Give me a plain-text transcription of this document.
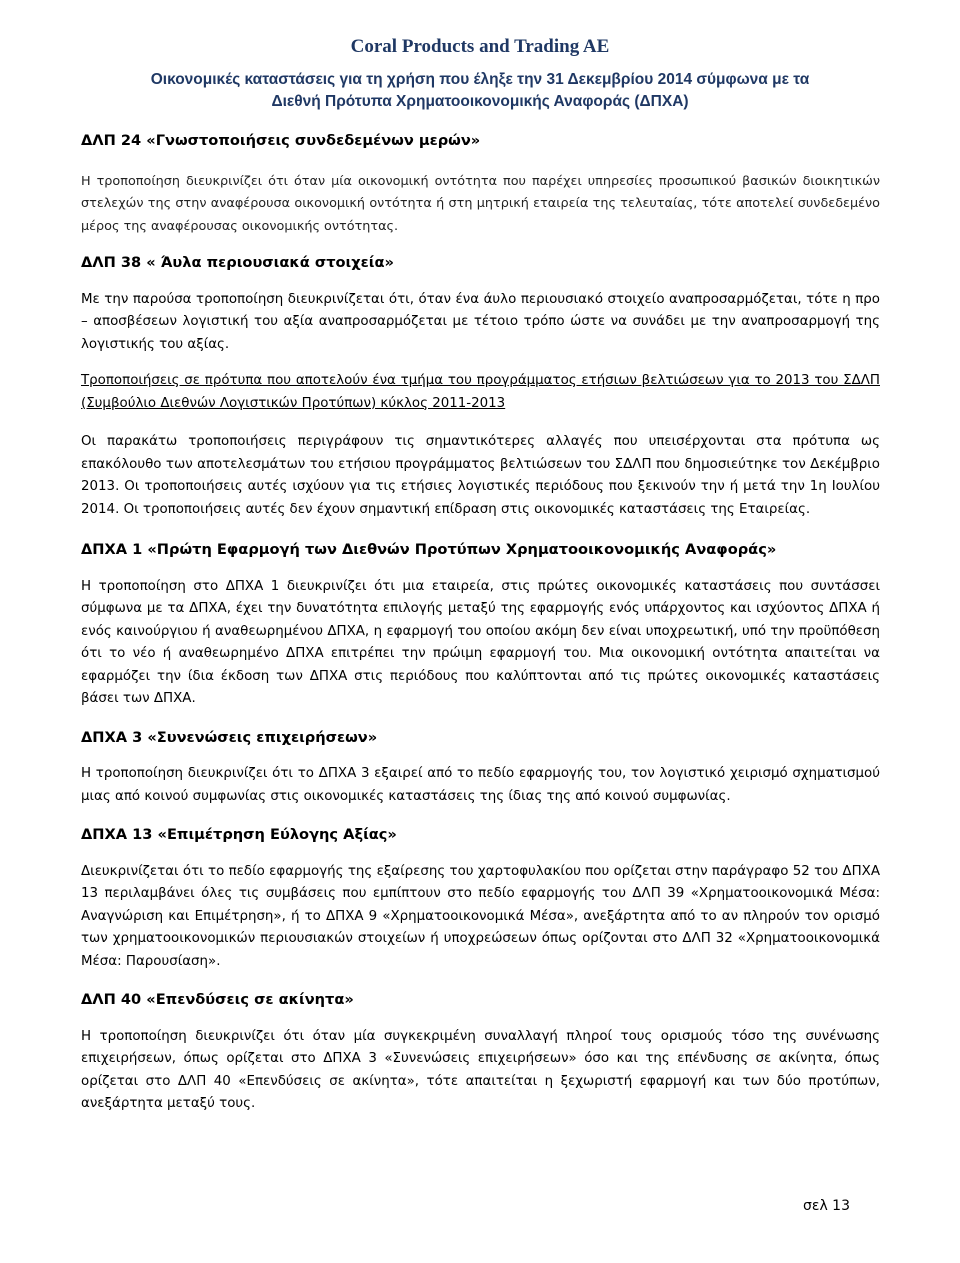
Coral Products and Trading AE
Οικονομικές καταστάσεις για τη χρήση που έληξε την 31 Δεκεμβρίου 2014 σύμφωνα με τα
Διεθνή Πρότυπα Χρηματοοικονομικής Αναφοράς (ΔΠΧΑ)
ΔΛΠ 24 «Γνωστοποιήσεις συνδεδεμένων μερών»
Η τροποποίηση διευκρινίζει ότι όταν μία οικονομική οντότητα που παρέχει υπηρεσίες προσωπικού βασικών διοικητικών στελεχών της στην αναφέρουσα οικονομική οντότητα ή στη μητρική εταιρεία της τελευταίας, τότε αποτελεί συνδεδεμένο μέρος της αναφέρουσας οικονομικής οντότητας.
ΔΛΠ 38 « Άυλα περιουσιακά στοιχεία»
Με την παρούσα τροποποίηση διευκρινίζεται ότι, όταν ένα άυλο περιουσιακό στοιχείο αναπροσαρμόζεται, τότε η προ – αποσβέσεων λογιστική του αξία αναπροσαρμόζεται με τέτοιο τρόπο ώστε να συνάδει με την αναπροσαρμογή της λογιστικής του αξίας.
Τροποποιήσεις σε πρότυπα που αποτελούν ένα τμήμα του προγράμματος ετήσιων βελτιώσεων για το 2013 του ΣΔΛΠ (Συμβούλιο Διεθνών Λογιστικών Προτύπων) κύκλος 2011-2013
Οι παρακάτω τροποποιήσεις περιγράφουν τις σημαντικότερες αλλαγές που υπεισέρχονται στα πρότυπα ως επακόλουθο των αποτελεσμάτων του ετήσιου προγράμματος βελτιώσεων του ΣΔΛΠ που δημοσιεύτηκε τον Δεκέμβριο 2013. Οι τροποποιήσεις αυτές ισχύουν για τις ετήσιες λογιστικές περιόδους που ξεκινούν την ή μετά την 1η Ιουλίου 2014. Οι τροποποιήσεις αυτές δεν έχουν σημαντική επίδραση στις οικονομικές καταστάσεις της Εταιρείας.
ΔΠΧΑ 1 «Πρώτη Εφαρμογή των Διεθνών Προτύπων Χρηματοοικονομικής Αναφοράς»
Η τροποποίηση στο ΔΠΧΑ 1 διευκρινίζει ότι μια εταιρεία, στις πρώτες οικονομικές καταστάσεις που συντάσσει σύμφωνα με τα ΔΠΧΑ, έχει την δυνατότητα επιλογής μεταξύ της εφαρμογής ενός υπάρχοντος και ισχύοντος ΔΠΧΑ ή ενός καινούργιου ή αναθεωρημένου ΔΠΧΑ, η εφαρμογή του οποίου ακόμη δεν είναι υποχρεωτική, υπό την προϋπόθεση ότι το νέο ή αναθεωρημένο ΔΠΧΑ επιτρέπει την πρώιμη εφαρμογή του. Μια οικονομική οντότητα απαιτείται να εφαρμόζει την ίδια έκδοση των ΔΠΧΑ στις περιόδους που καλύπτονται από τις πρώτες οικονομικές καταστάσεις βάσει των ΔΠΧΑ.
ΔΠΧΑ 3 «Συνενώσεις επιχειρήσεων»
Η τροποποίηση διευκρινίζει ότι το ΔΠΧΑ 3 εξαιρεί από το πεδίο εφαρμογής του, τον λογιστικό χειρισμό σχηματισμού μιας από κοινού συμφωνίας στις οικονομικές καταστάσεις της ίδιας της από κοινού συμφωνίας.
ΔΠΧΑ 13 «Επιμέτρηση Εύλογης Αξίας»
Διευκρινίζεται ότι το πεδίο εφαρμογής της εξαίρεσης του χαρτοφυλακίου που ορίζεται στην παράγραφο 52 του ΔΠΧΑ 13 περιλαμβάνει όλες τις συμβάσεις που εμπίπτουν στο πεδίο εφαρμογής του ΔΛΠ 39 «Χρηματοοικονομικά Μέσα: Αναγνώριση και Επιμέτρηση», ή το ΔΠΧΑ 9 «Χρηματοοικονομικά Μέσα», ανεξάρτητα από το αν πληρούν τον ορισμό των χρηματοοικονομικών περιουσιακών στοιχείων ή υποχρεώσεων όπως ορίζονται στο ΔΛΠ 32 «Χρηματοοικονομικά Μέσα: Παρουσίαση».
ΔΛΠ 40 «Επενδύσεις σε ακίνητα»
Η τροποποίηση διευκρινίζει ότι όταν μία συγκεκριμένη συναλλαγή πληροί τους ορισμούς τόσο της συνένωσης επιχειρήσεων, όπως ορίζεται στο ΔΠΧΑ 3 «Συνενώσεις επιχειρήσεων» όσο και της επένδυσης σε ακίνητα, όπως ορίζεται στο ΔΛΠ 40 «Επενδύσεις σε ακίνητα», τότε απαιτείται η ξεχωριστή εφαρμογή και των δύο προτύπων, ανεξάρτητα μεταξύ τους.
σελ 13
